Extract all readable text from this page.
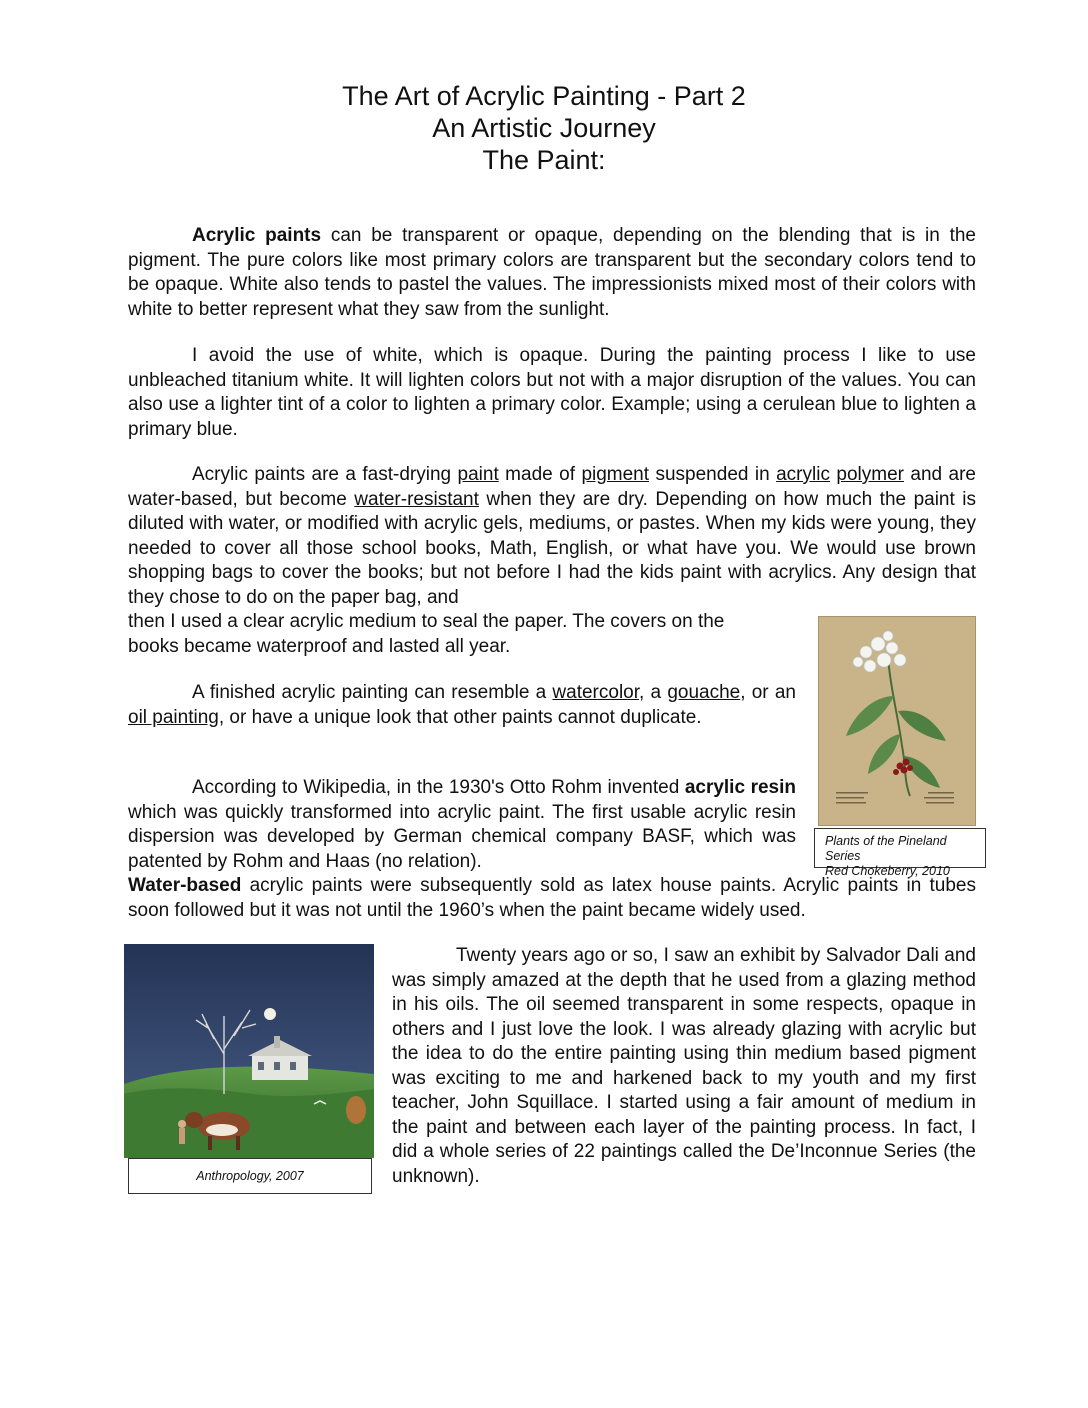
The Art of Acrylic Painting - Part 2
An Artistic Journey
The Paint:

Acrylic paints can be transparent or opaque, depending on the blending that is in the pigment. The pure colors like most primary colors are transparent but the secondary colors tend to be opaque. White also tends to pastel the values. The impressionists mixed most of their colors with white to better represent what they saw from the sunlight.

I avoid the use of white, which is opaque. During the painting process I like to use unbleached titanium white. It will lighten colors but not with a major disruption of the values. You can also use a lighter tint of a color to lighten a primary color. Example; using a cerulean blue to lighten a primary blue.

Acrylic paints are a fast-drying paint made of pigment suspended in acrylic polymer and are water-based, but become water-resistant when they are dry. Depending on how much the paint is diluted with water, or modified with acrylic gels, mediums, or pastes. When my kids were young, they needed to cover all those school books, Math, English, or what have you. We would use brown shopping bags to cover the books; but not before I had the kids paint with acrylics. Any design that they chose to do on the paper bag, and

then I used a clear acrylic medium to seal the paper. The covers on the
books became waterproof and lasted all year.

A finished acrylic painting can resemble a watercolor, a gouache, or an oil painting, or have a unique look that other paints cannot duplicate.

According to Wikipedia, in the 1930's Otto Rohm invented acrylic resin which was quickly transformed into acrylic paint. The first usable acrylic resin dispersion was developed by German chemical company BASF, which was patented by Rohm and Haas (no relation).

Water-based acrylic paints were subsequently sold as latex house paints. Acrylic paints in tubes soon followed but it was not until the 1960’s when the paint became widely used.

Twenty years ago or so, I saw an exhibit by Salvador Dali and was simply amazed at the depth that he used from a glazing method in his oils. The oil seemed transparent in some respects, opaque in others and I just love the look. I was already glazing with acrylic but the idea to do the entire painting using thin medium based pigment was exciting to me and harkened back to my youth and my first teacher, John Squillace. I started using a fair amount of medium in the paint and between each layer of the painting process. In fact, I did a whole series of 22 paintings called the De’Inconnue Series (the unknown).

Plants of the Pineland Series
Red Chokeberry, 2010
Anthropology, 2007
